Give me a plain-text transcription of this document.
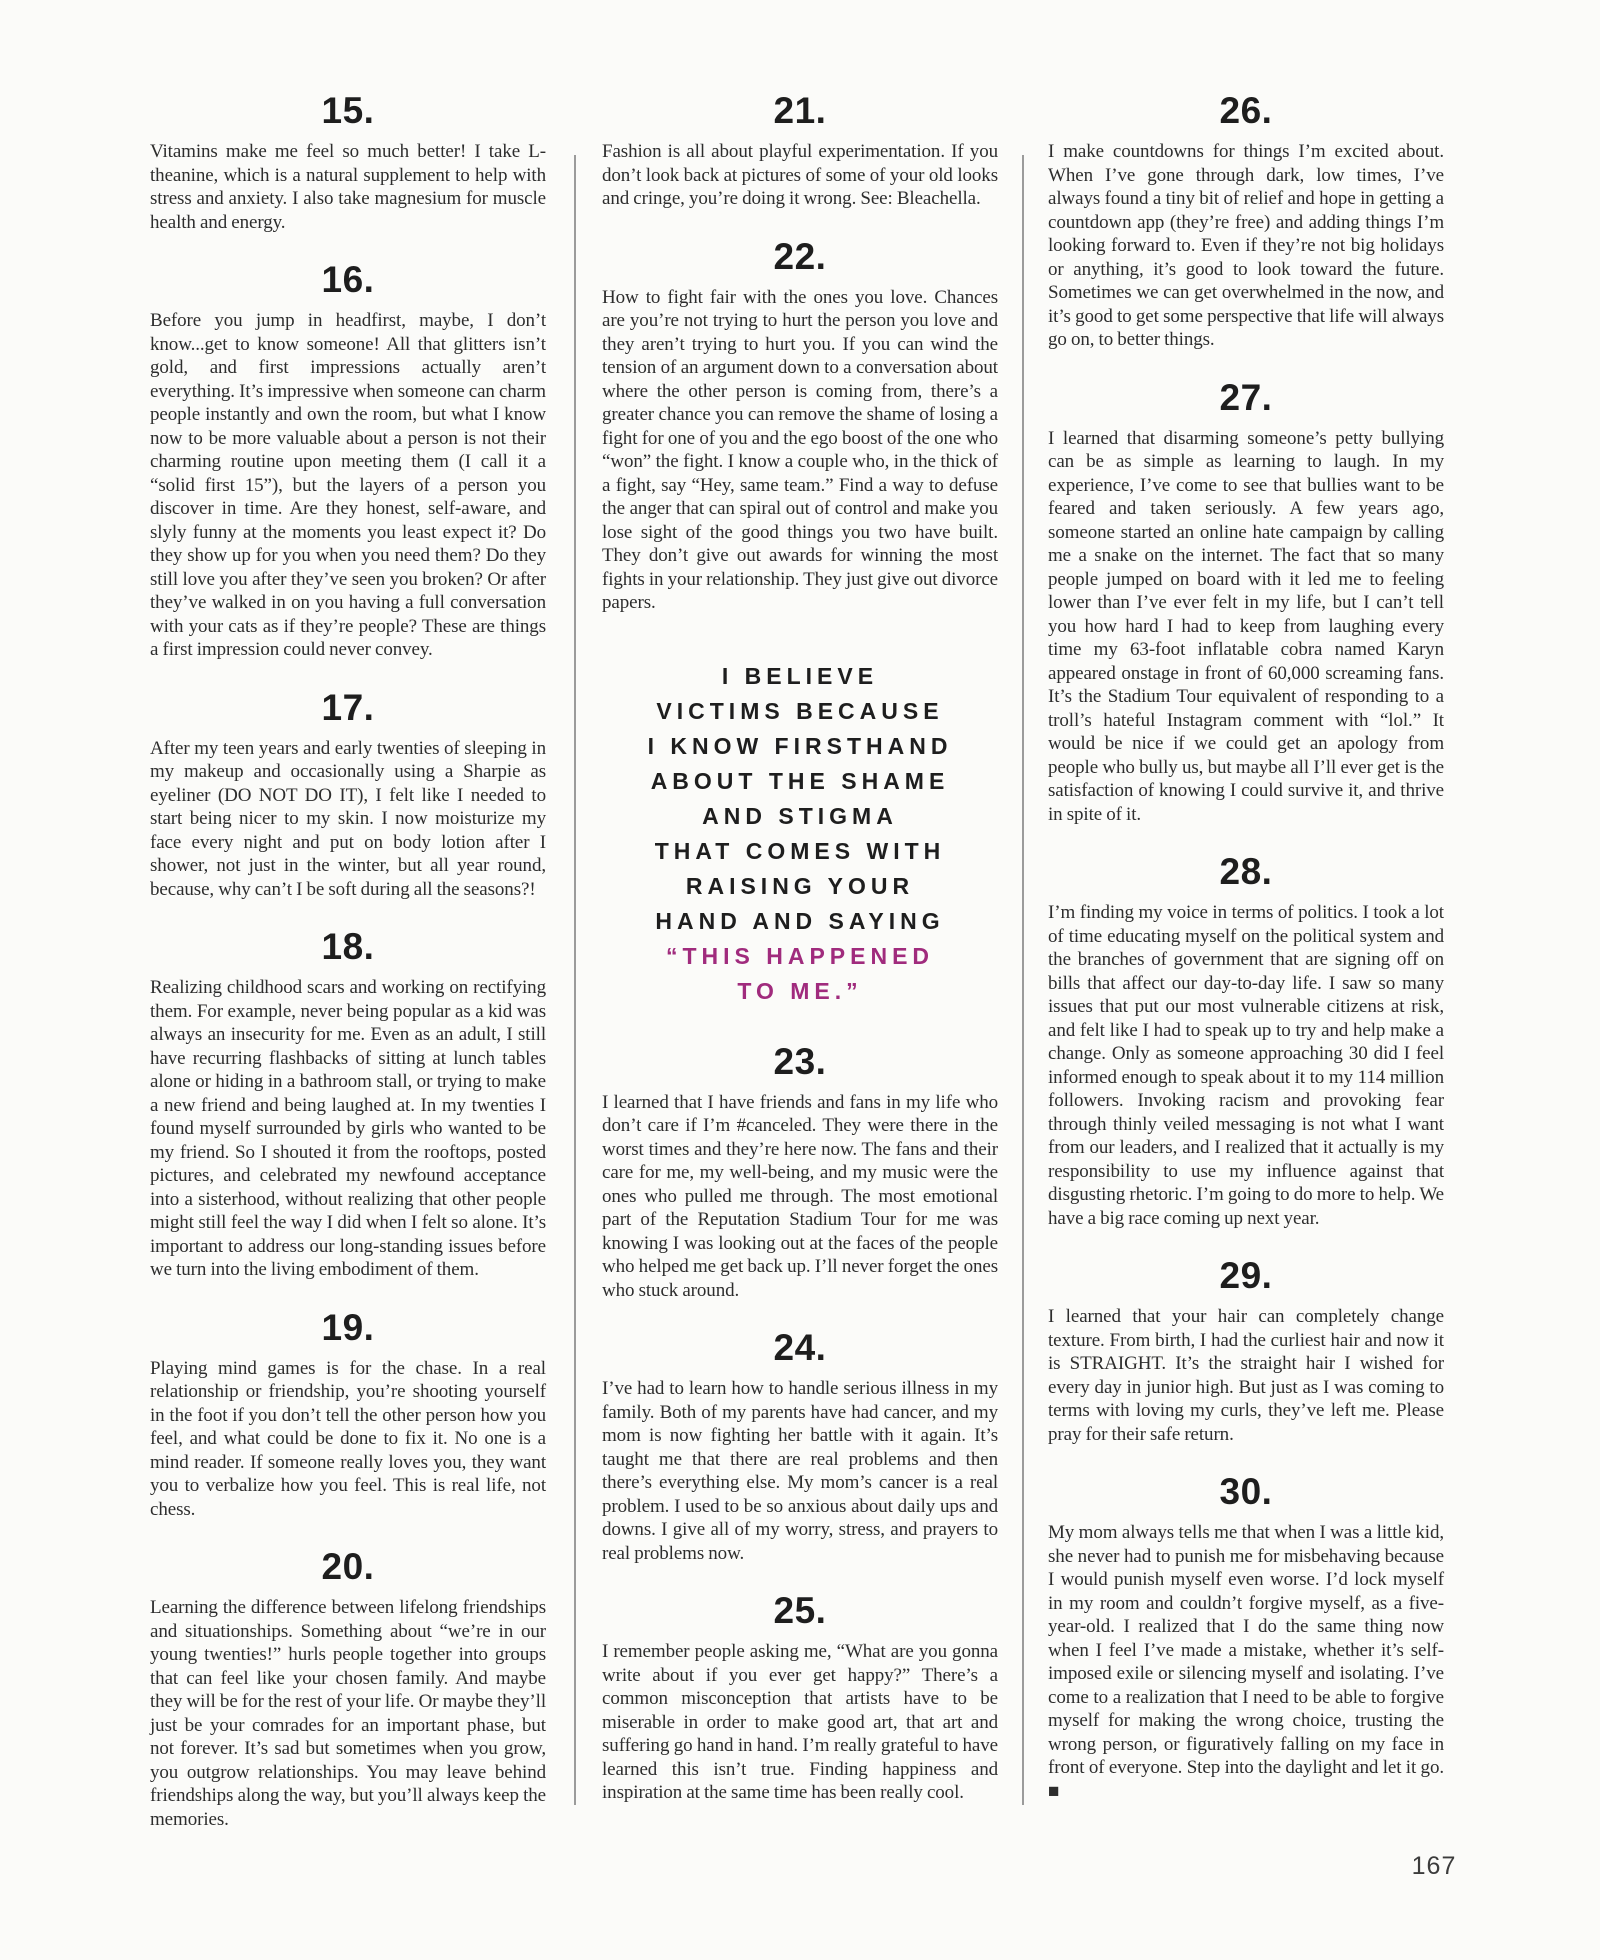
15.

Vitamins make me feel so much better! I take L-theanine, which is a natural supplement to help with stress and anxiety. I also take magnesium for muscle health and energy.

16.

Before you jump in headfirst, maybe, I don’t know...get to know someone! All that glitters isn’t gold, and first impressions actually aren’t everything. It’s impressive when someone can charm people instantly and own the room, but what I know now to be more valuable about a person is not their charming routine upon meeting them (I call it a “solid first 15”), but the layers of a person you discover in time. Are they honest, self-aware, and slyly funny at the moments you least expect it? Do they show up for you when you need them? Do they still love you after they’ve seen you broken? Or after they’ve walked in on you having a full conversation with your cats as if they’re people? These are things a first impression could never convey.

17.

After my teen years and early twenties of sleeping in my makeup and occasionally using a Sharpie as eyeliner (DO NOT DO IT), I felt like I needed to start being nicer to my skin. I now moisturize my face every night and put on body lotion after I shower, not just in the winter, but all year round, because, why can’t I be soft during all the seasons?!

18.

Realizing childhood scars and working on rectifying them. For example, never being popular as a kid was always an insecurity for me. Even as an adult, I still have recurring flashbacks of sitting at lunch tables alone or hiding in a bathroom stall, or trying to make a new friend and being laughed at. In my twenties I found myself surrounded by girls who wanted to be my friend. So I shouted it from the rooftops, posted pictures, and celebrated my newfound acceptance into a sisterhood, without realizing that other people might still feel the way I did when I felt so alone. It’s important to address our long-standing issues before we turn into the living embodiment of them.

19.

Playing mind games is for the chase. In a real relationship or friendship, you’re shooting yourself in the foot if you don’t tell the other person how you feel, and what could be done to fix it. No one is a mind reader. If someone really loves you, they want you to verbalize how you feel. This is real life, not chess.

20.

Learning the difference between lifelong friendships and situationships. Something about “we’re in our young twenties!” hurls people together into groups that can feel like your chosen family. And maybe they will be for the rest of your life. Or maybe they’ll just be your comrades for an important phase, but not forever. It’s sad but sometimes when you grow, you outgrow relationships. You may leave behind friendships along the way, but you’ll always keep the memories.

21.

Fashion is all about playful experimentation. If you don’t look back at pictures of some of your old looks and cringe, you’re doing it wrong. See: Bleachella.

22.

How to fight fair with the ones you love. Chances are you’re not trying to hurt the person you love and they aren’t trying to hurt you. If you can wind the tension of an argument down to a conversation about where the other person is coming from, there’s a greater chance you can remove the shame of losing a fight for one of you and the ego boost of the one who “won” the fight. I know a couple who, in the thick of a fight, say “Hey, same team.” Find a way to defuse the anger that can spiral out of control and make you lose sight of the good things you two have built. They don’t give out awards for winning the most fights in your relationship. They just give out divorce papers.

I BELIEVE
VICTIMS BECAUSE
I KNOW FIRSTHAND
ABOUT THE SHAME
AND STIGMA
THAT COMES WITH
RAISING YOUR
HAND AND SAYING
“THIS HAPPENED
TO ME.”
23.

I learned that I have friends and fans in my life who don’t care if I’m #canceled. They were there in the worst times and they’re here now. The fans and their care for me, my well-being, and my music were the ones who pulled me through. The most emotional part of the Reputation Stadium Tour for me was knowing I was looking out at the faces of the people who helped me get back up. I’ll never forget the ones who stuck around.

24.

I’ve had to learn how to handle serious illness in my family. Both of my parents have had cancer, and my mom is now fighting her battle with it again. It’s taught me that there are real problems and then there’s everything else. My mom’s cancer is a real problem. I used to be so anxious about daily ups and downs. I give all of my worry, stress, and prayers to real problems now.

25.

I remember people asking me, “What are you gonna write about if you ever get happy?” There’s a common misconception that artists have to be miserable in order to make good art, that art and suffering go hand in hand. I’m really grateful to have learned this isn’t true. Finding happiness and inspiration at the same time has been really cool.

26.

I make countdowns for things I’m excited about. When I’ve gone through dark, low times, I’ve always found a tiny bit of relief and hope in getting a countdown app (they’re free) and adding things I’m looking forward to. Even if they’re not big holidays or anything, it’s good to look toward the future. Sometimes we can get overwhelmed in the now, and it’s good to get some perspective that life will always go on, to better things.

27.

I learned that disarming someone’s petty bullying can be as simple as learning to laugh. In my experience, I’ve come to see that bullies want to be feared and taken seriously. A few years ago, someone started an online hate campaign by calling me a snake on the internet. The fact that so many people jumped on board with it led me to feeling lower than I’ve ever felt in my life, but I can’t tell you how hard I had to keep from laughing every time my 63-foot inflatable cobra named Karyn appeared onstage in front of 60,000 screaming fans. It’s the Stadium Tour equivalent of responding to a troll’s hateful Instagram comment with “lol.” It would be nice if we could get an apology from people who bully us, but maybe all I’ll ever get is the satisfaction of knowing I could survive it, and thrive in spite of it.

28.

I’m finding my voice in terms of politics. I took a lot of time educating myself on the political system and the branches of government that are signing off on bills that affect our day-to-day life. I saw so many issues that put our most vulnerable citizens at risk, and felt like I had to speak up to try and help make a change. Only as someone approaching 30 did I feel informed enough to speak about it to my 114 million followers. Invoking racism and provoking fear through thinly veiled messaging is not what I want from our leaders, and I realized that it actually is my responsibility to use my influence against that disgusting rhetoric. I’m going to do more to help. We have a big race coming up next year.

29.

I learned that your hair can completely change texture. From birth, I had the curliest hair and now it is STRAIGHT. It’s the straight hair I wished for every day in junior high. But just as I was coming to terms with loving my curls, they’ve left me. Please pray for their safe return.

30.

My mom always tells me that when I was a little kid, she never had to punish me for misbehaving because I would punish myself even worse. I’d lock myself in my room and couldn’t forgive myself, as a five-year-old. I realized that I do the same thing now when I feel I’ve made a mistake, whether it’s self-imposed exile or silencing myself and isolating. I’ve come to a realization that I need to be able to forgive myself for making the wrong choice, trusting the wrong person, or figuratively falling on my face in front of everyone. Step into the daylight and let it go. ■

167
